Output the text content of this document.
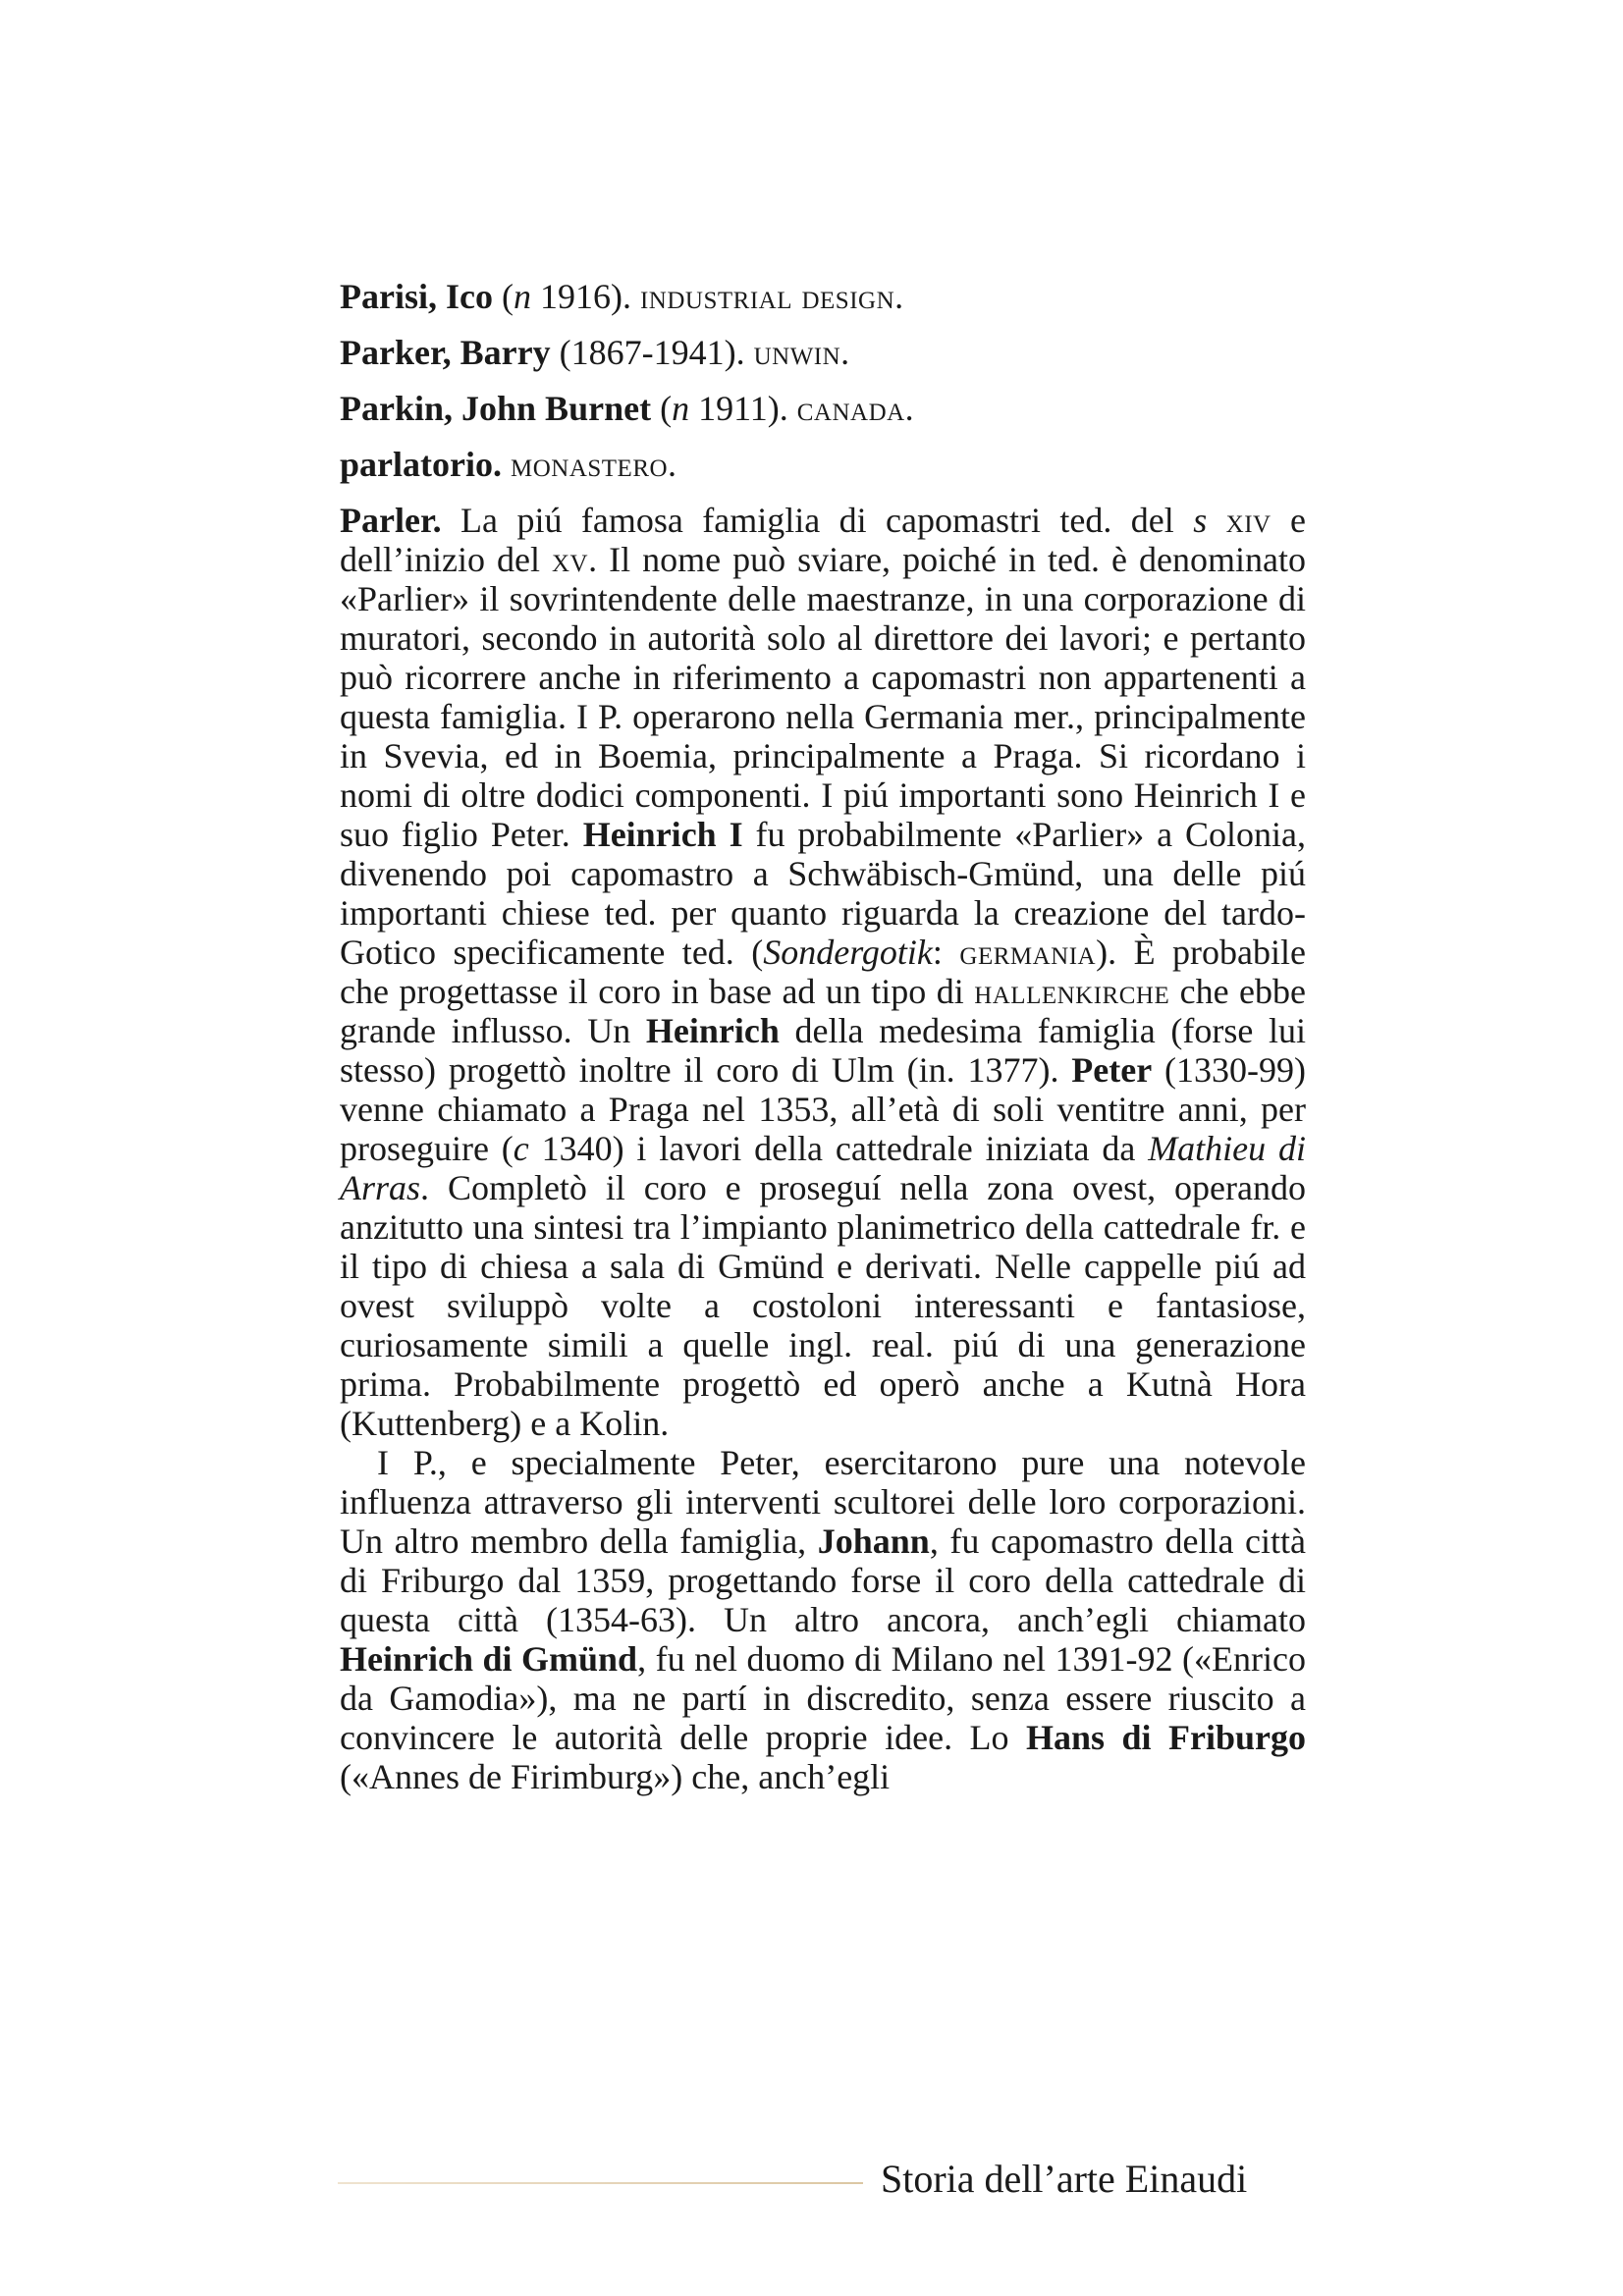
Parisi, Ico (n 1916). industrial design.

Parker, Barry (1867-1941). unwin.

Parkin, John Burnet (n 1911). canada.

parlatorio. monastero.

Parler. La piú famosa famiglia di capomastri ted. del s xiv e dell’inizio del xv. Il nome può sviare, poiché in ted. è denominato «Parlier» il sovrintendente delle maestranze, in una corporazione di muratori, secondo in autorità solo al direttore dei lavori; e pertanto può ricorrere anche in riferimento a capomastri non appartenenti a questa famiglia. I P. operarono nella Germania mer., principalmente in Svevia, ed in Boemia, principalmente a Praga. Si ricordano i nomi di oltre dodici componenti. I piú importanti sono Heinrich I e suo figlio Peter. Heinrich I fu probabilmente «Parlier» a Colonia, divenendo poi capomastro a Schwäbisch-Gmünd, una delle piú importanti chiese ted. per quanto riguarda la creazione del tardo-Gotico specificamente ted. (Sondergotik: germania). È probabile che progettasse il coro in base ad un tipo di hallenkirche che ebbe grande influsso. Un Heinrich della medesima famiglia (forse lui stesso) progettò inoltre il coro di Ulm (in. 1377). Peter (1330-99) venne chiamato a Praga nel 1353, all’età di soli ventitre anni, per proseguire (c 1340) i lavori della cattedrale iniziata da Mathieu di Arras. Completò il coro e proseguí nella zona ovest, operando anzitutto una sintesi tra l’impianto planimetrico della cattedrale fr. e il tipo di chiesa a sala di Gmünd e derivati. Nelle cappelle piú ad ovest sviluppò volte a costoloni interessanti e fantasiose, curiosamente simili a quelle ingl. real. piú di una generazione prima. Probabilmente progettò ed operò anche a Kutnà Hora (Kuttenberg) e a Kolin.

I P., e specialmente Peter, esercitarono pure una notevole influenza attraverso gli interventi scultorei delle loro corporazioni. Un altro membro della famiglia, Johann, fu capomastro della città di Friburgo dal 1359, progettando forse il coro della cattedrale di questa città (1354-63). Un altro ancora, anch’egli chiamato Heinrich di Gmünd, fu nel duomo di Milano nel 1391-92 («Enrico da Gamodia»), ma ne partí in discredito, senza essere riuscito a convincere le autorità delle proprie idee. Lo Hans di Friburgo («Annes de Firimburg») che, anch’egli

Storia dell’arte Einaudi
